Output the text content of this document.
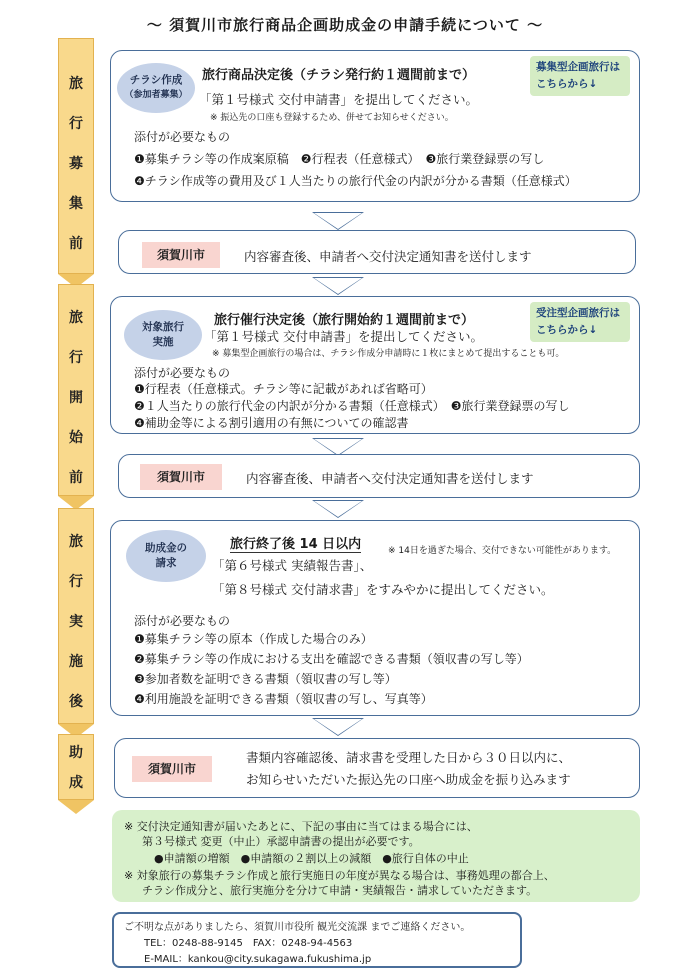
～ 須賀川市旅行商品企画助成金の申請手続について ～
旅
行
募
集
前
旅
行
開
始
前
旅
行
実
施
後
助
成
チラシ作成
（参加者募集）
募集型企画旅行は
こちらから↓
旅行商品決定後（チラシ発行約１週間前まで）
「第１号様式 交付申請書」を提出してください。
※ 振込先の口座も登録するため、併せてお知らせください。
添付が必要なもの
❶募集チラシ等の作成案原稿　❷行程表（任意様式）　❸旅行業登録票の写し
❹チラシ作成等の費用及び１人当たりの旅行代金の内訳が分かる書類（任意様式）
須賀川市	内容審査後、申請者へ交付決定通知書を送付します
対象旅行
実施
受注型企画旅行は
こちらから↓
旅行催行決定後（旅行開始約１週間前まで）
「第１号様式 交付申請書」を提出してください。
※ 募集型企画旅行の場合は、チラシ作成分申請時に１枚にまとめて提出することも可。
添付が必要なもの
❶行程表（任意様式。チラシ等に記載があれば省略可）
❷１人当たりの旅行代金の内訳が分かる書類（任意様式）　❸旅行業登録票の写し
❹補助金等による割引適用の有無についての確認書
須賀川市	内容審査後、申請者へ交付決定通知書を送付します
助成金の
請求
旅行終了後 14 日以内	※ 14日を過ぎた場合、交付できない可能性があります。
「第６号様式 実績報告書」、
「第８号様式 交付請求書」をすみやかに提出してください。
添付が必要なもの
❶募集チラシ等の原本（作成した場合のみ）
❷募集チラシ等の作成における支出を確認できる書類（領収書の写し等）
❸参加者数を証明できる書類（領収書の写し等）
❹利用施設を証明できる書類（領収書の写し、写真等）
須賀川市
書類内容確認後、請求書を受理した日から３０日以内に、
お知らせいただいた振込先の口座へ助成金を振り込みます
※ 交付決定通知書が届いたあとに、下記の事由に当てはまる場合には、
第３号様式 変更（中止）承認申請書の提出が必要です。
●申請額の増額　●申請額の２割以上の減額　●旅行自体の中止
※ 対象旅行の募集チラシ作成と旅行実施日の年度が異なる場合は、事務処理の都合上、
チラシ作成分と、旅行実施分を分けて申請・実績報告・請求していただきます。
ご不明な点がありましたら、須賀川市役所 観光交流課 までご連絡ください。
TEL：0248-88-9145　FAX：0248-94-4563
E-MAIL：kankou@city.sukagawa.fukushima.jp
